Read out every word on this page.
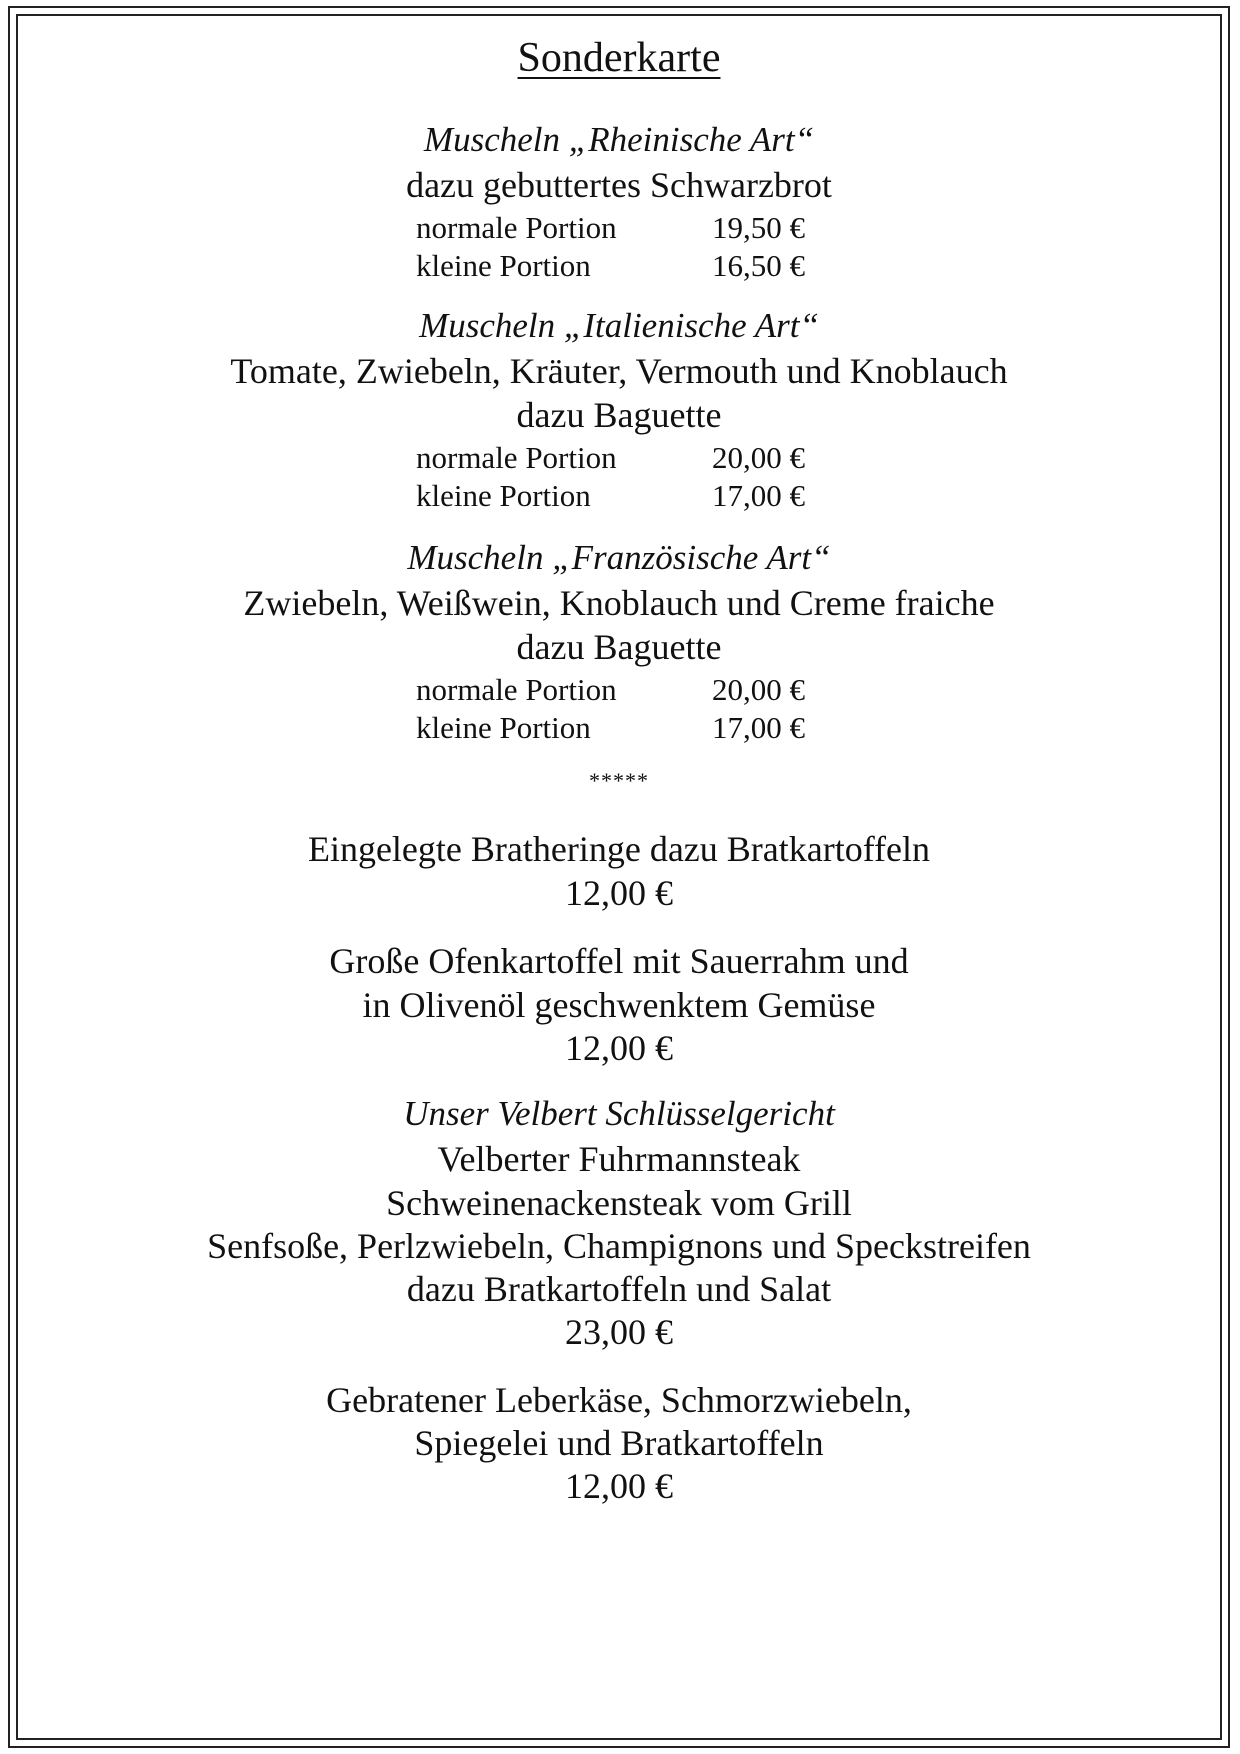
Sonderkarte
Muscheln „Rheinische Art“
dazu gebuttertes Schwarzbrot
normale Portion	19,50 €
kleine Portion	16,50 €
Muscheln „Italienische Art“
Tomate, Zwiebeln, Kräuter, Vermouth und Knoblauch
dazu Baguette
normale Portion	20,00 €
kleine Portion	17,00 €
Muscheln „Französische Art“
Zwiebeln, Weißwein, Knoblauch und Creme fraiche
dazu Baguette
normale Portion	20,00 €
kleine Portion	17,00 €
*****
Eingelegte Bratheringe dazu Bratkartoffeln
12,00 €
Große Ofenkartoffel mit Sauerrahm und
in Olivenöl geschwenktem Gemüse
12,00 €
Unser Velbert Schlüsselgericht
Velberter Fuhrmannsteak
Schweinenackensteak vom Grill
Senfsoße, Perlzwiebeln, Champignons und Speckstreifen
dazu Bratkartoffeln und Salat
23,00 €
Gebratener Leberkäse, Schmorzwiebeln,
Spiegelei und Bratkartoffeln
12,00 €
